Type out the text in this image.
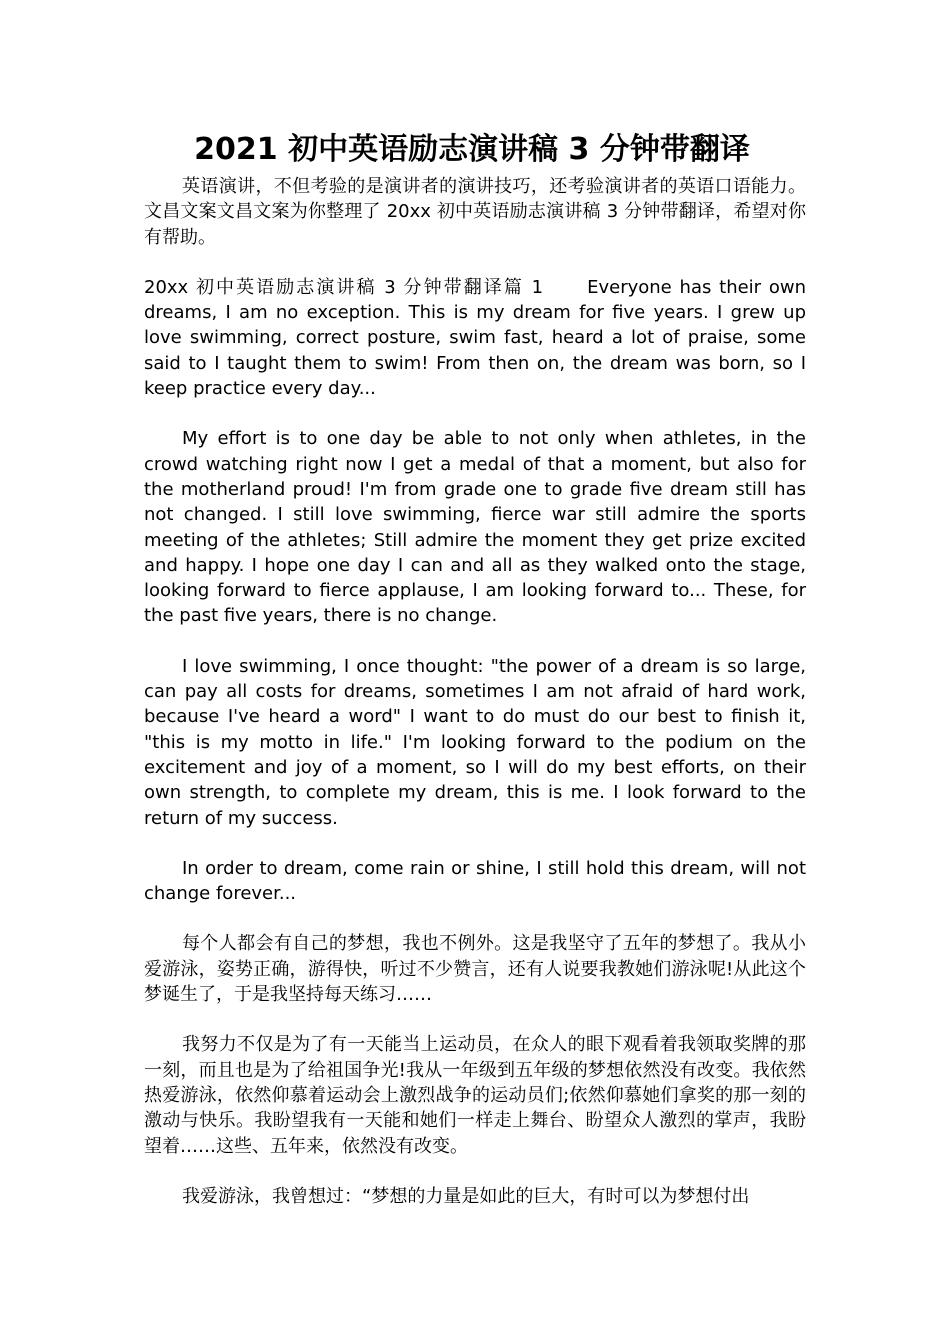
2021 初中英语励志演讲稿 3 分钟带翻译

英语演讲，不但考验的是演讲者的演讲技巧，还考验演讲者的英语口语能力。文昌文案文昌文案为你整理了 20xx 初中英语励志演讲稿 3 分钟带翻译，希望对你有帮助。

20xx 初中英语励志演讲稿 3 分钟带翻译篇 1 Everyone has their own dreams, I am no exception. This is my dream for five years. I grew up love swimming, correct posture, swim fast, heard a lot of praise, some said to I taught them to swim! From then on, the dream was born, so I keep practice every day...

My effort is to one day be able to not only when athletes, in the crowd watching right now I get a medal of that a moment, but also for the motherland proud! I'm from grade one to grade five dream still has not changed. I still love swimming, fierce war still admire the sports meeting of the athletes; Still admire the moment they get prize excited and happy. I hope one day I can and all as they walked onto the stage, looking forward to fierce applause, I am looking forward to... These, for the past five years, there is no change.

I love swimming, I once thought: "the power of a dream is so large, can pay all costs for dreams, sometimes I am not afraid of hard work, because I've heard a word" I want to do must do our best to finish it, "this is my motto in life." I'm looking forward to the podium on the excitement and joy of a moment, so I will do my best efforts, on their own strength, to complete my dream, this is me. I look forward to the return of my success.

In order to dream, come rain or shine, I still hold this dream, will not change forever...

每个人都会有自己的梦想，我也不例外。这是我坚守了五年的梦想了。我从小爱游泳，姿势正确，游得快，听过不少赞言，还有人说要我教她们游泳呢!从此这个梦诞生了，于是我坚持每天练习……

我努力不仅是为了有一天能当上运动员，在众人的眼下观看着我领取奖牌的那一刻，而且也是为了给祖国争光!我从一年级到五年级的梦想依然没有改变。我依然热爱游泳，依然仰慕着运动会上激烈战争的运动员们;依然仰慕她们拿奖的那一刻的激动与快乐。我盼望我有一天能和她们一样走上舞台、盼望众人激烈的掌声，我盼望着……这些、五年来，依然没有改变。

我爱游泳，我曾想过：“梦想的力量是如此的巨大，有时可以为梦想付出
